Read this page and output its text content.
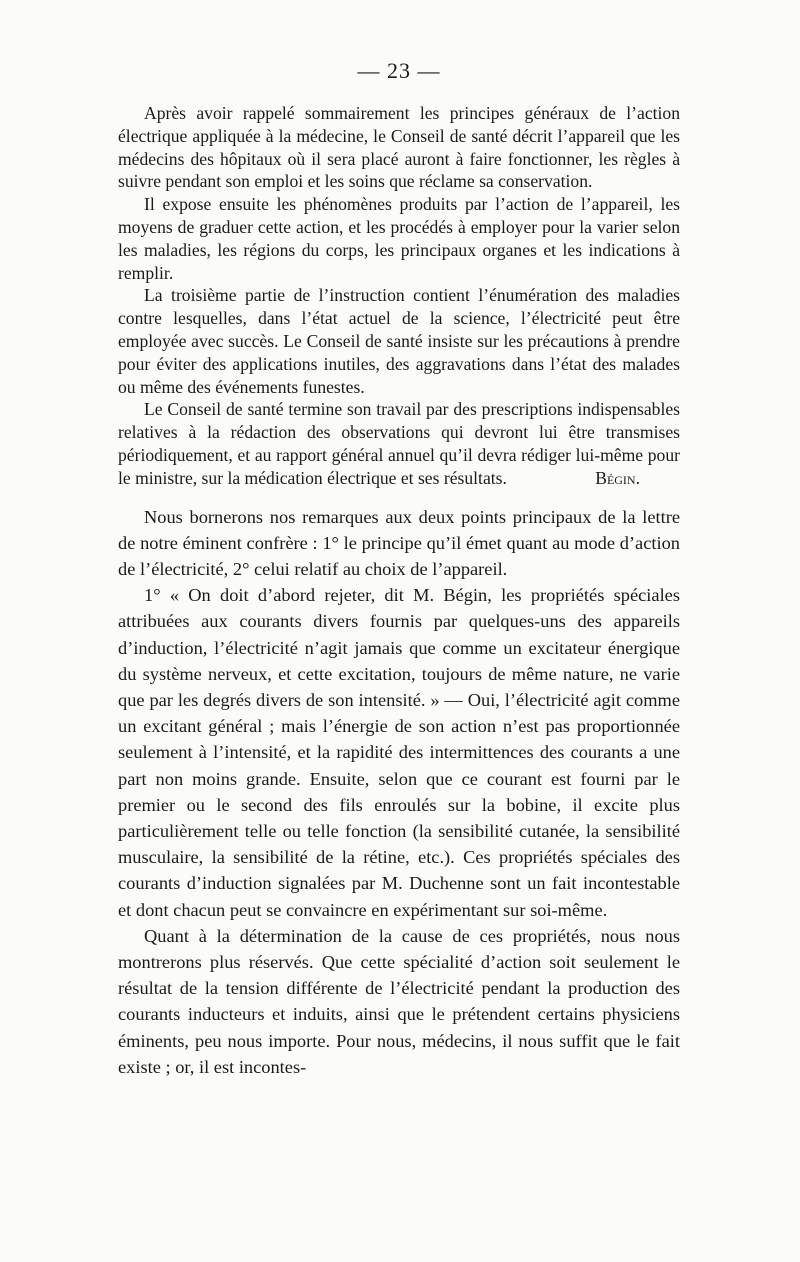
— 23 —

Après avoir rappelé sommairement les principes généraux de l’action électrique appliquée à la médecine, le Conseil de santé décrit l’appareil que les médecins des hôpitaux où il sera placé auront à faire fonctionner, les règles à suivre pendant son emploi et les soins que réclame sa conservation.

Il expose ensuite les phénomènes produits par l’action de l’appareil, les moyens de graduer cette action, et les procédés à employer pour la varier selon les maladies, les régions du corps, les principaux organes et les indications à remplir.

La troisième partie de l’instruction contient l’énumération des maladies contre lesquelles, dans l’état actuel de la science, l’électricité peut être employée avec succès. Le Conseil de santé insiste sur les précautions à prendre pour éviter des applications inutiles, des aggravations dans l’état des malades ou même des événements funestes.

Le Conseil de santé termine son travail par des prescriptions indispensables relatives à la rédaction des observations qui devront lui être transmises périodiquement, et au rapport général annuel qu’il devra rédiger lui-même pour le ministre, sur la médication électrique et ses résultats.	Bégin.

Nous bornerons nos remarques aux deux points principaux de la lettre de notre éminent confrère : 1° le principe qu’il émet quant au mode d’action de l’électricité, 2° celui relatif au choix de l’appareil.

1° « On doit d’abord rejeter, dit M. Bégin, les propriétés spéciales attribuées aux courants divers fournis par quelques-uns des appareils d’induction, l’électricité n’agit jamais que comme un excitateur énergique du système nerveux, et cette excitation, toujours de même nature, ne varie que par les degrés divers de son intensité. » — Oui, l’électricité agit comme un excitant général ; mais l’énergie de son action n’est pas proportionnée seulement à l’intensité, et la rapidité des intermittences des courants a une part non moins grande. Ensuite, selon que ce courant est fourni par le premier ou le second des fils enroulés sur la bobine, il excite plus particulièrement telle ou telle fonction (la sensibilité cutanée, la sensibilité musculaire, la sensibilité de la rétine, etc.). Ces propriétés spéciales des courants d’induction signalées par M. Duchenne sont un fait incontestable et dont chacun peut se convaincre en expérimentant sur soi-même.

Quant à la détermination de la cause de ces propriétés, nous nous montrerons plus réservés. Que cette spécialité d’action soit seulement le résultat de la tension différente de l’électricité pendant la production des courants inducteurs et induits, ainsi que le prétendent certains physiciens éminents, peu nous importe. Pour nous, médecins, il nous suffit que le fait existe ; or, il est incontes-
